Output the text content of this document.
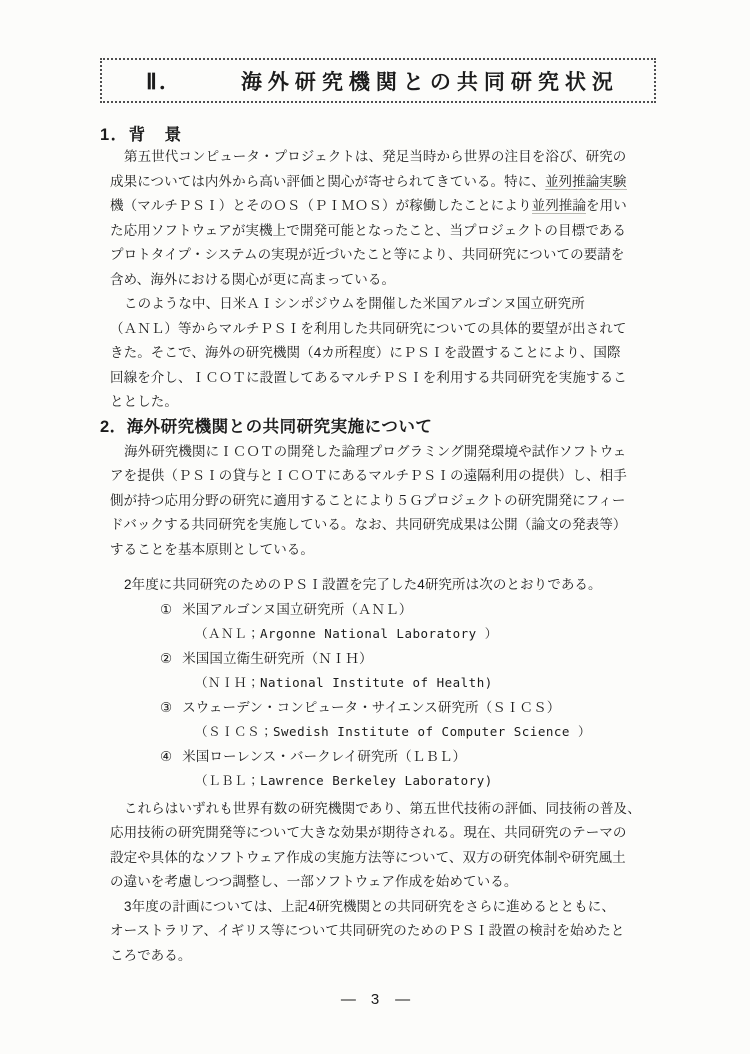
Ⅱ．	海外研究機関との共同研究状況
1．背　景
第五世代コンピュータ・プロジェクトは、発足当時から世界の注目を浴び、研究の
成果については内外から高い評価と関心が寄せられてきている。特に、並列推論実験
機（マルチＰＳＩ）とそのＯＳ（ＰＩＭＯＳ）が稼働したことにより並列推論を用い
た応用ソフトウェアが実機上で開発可能となったこと、当プロジェクトの目標である
プロトタイプ・システムの実現が近づいたこと等により、共同研究についての要請を
含め、海外における関心が更に高まっている。
このような中、日米ＡＩシンポジウムを開催した米国アルゴンヌ国立研究所
（ＡＮＬ）等からマルチＰＳＩを利用した共同研究についての具体的要望が出されて
きた。そこで、海外の研究機関（4カ所程度）にＰＳＩを設置することにより、国際
回線を介し、ＩＣＯＴに設置してあるマルチＰＳＩを利用する共同研究を実施するこ
ととした。
2．海外研究機関との共同研究実施について
海外研究機関にＩＣＯＴの開発した論理プログラミング開発環境や試作ソフトウェ
アを提供（ＰＳＩの貸与とＩＣＯＴにあるマルチＰＳＩの遠隔利用の提供）し、相手
側が持つ応用分野の研究に適用することにより５Ｇプロジェクトの研究開発にフィー
ドバックする共同研究を実施している。なお、共同研究成果は公開（論文の発表等）
することを基本原則としている。
2年度に共同研究のためのＰＳＩ設置を完了した4研究所は次のとおりである。
① 米国アルゴンヌ国立研究所（ＡＮＬ）
（ＡＮＬ；Argonne National Laboratory ）
② 米国国立衛生研究所（ＮＩＨ）
（ＮＩＨ；National Institute of Health)
③ スウェーデン・コンピュータ・サイエンス研究所（ＳＩＣＳ）
（ＳＩＣＳ；Swedish Institute of Computer Science ）
④ 米国ローレンス・バークレイ研究所（ＬＢＬ）
（ＬＢＬ；Lawrence Berkeley Laboratory)
これらはいずれも世界有数の研究機関であり、第五世代技術の評価、同技術の普及、
応用技術の研究開発等について大きな効果が期待される。現在、共同研究のテーマの
設定や具体的なソフトウェア作成の実施方法等について、双方の研究体制や研究風土
の違いを考慮しつつ調整し、一部ソフトウェア作成を始めている。
3年度の計画については、上記4研究機関との共同研究をさらに進めるとともに、
オーストラリア、イギリス等について共同研究のためのＰＳＩ設置の検討を始めたと
ころである。
— 3 —
